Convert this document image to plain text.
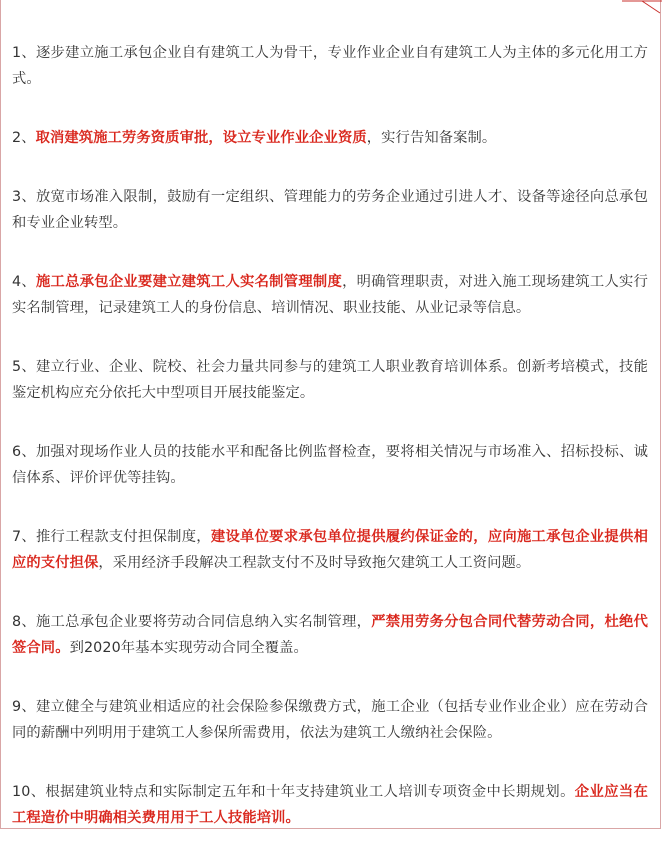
1、逐步建立施工承包企业自有建筑工人为骨干，专业作业企业自有建筑工人为主体的多元化用工方式。

2、取消建筑施工劳务资质审批，设立专业作业企业资质，实行告知备案制。

3、放宽市场准入限制，鼓励有一定组织、管理能力的劳务企业通过引进人才、设备等途径向总承包和专业企业转型。

4、施工总承包企业要建立建筑工人实名制管理制度，明确管理职责，对进入施工现场建筑工人实行实名制管理，记录建筑工人的身份信息、培训情况、职业技能、从业记录等信息。

5、建立行业、企业、院校、社会力量共同参与的建筑工人职业教育培训体系。创新考培模式，技能鉴定机构应充分依托大中型项目开展技能鉴定。

6、加强对现场作业人员的技能水平和配备比例监督检查，要将相关情况与市场准入、招标投标、诚信体系、评价评优等挂钩。

7、推行工程款支付担保制度，建设单位要求承包单位提供履约保证金的，应向施工承包企业提供相应的支付担保，采用经济手段解决工程款支付不及时导致拖欠建筑工人工资问题。

8、施工总承包企业要将劳动合同信息纳入实名制管理，严禁用劳务分包合同代替劳动合同，杜绝代签合同。到2020年基本实现劳动合同全覆盖。

9、建立健全与建筑业相适应的社会保险参保缴费方式，施工企业（包括专业作业企业）应在劳动合同的薪酬中列明用于建筑工人参保所需费用，依法为建筑工人缴纳社会保险。

10、根据建筑业特点和实际制定五年和十年支持建筑业工人培训专项资金中长期规划。企业应当在工程造价中明确相关费用用于工人技能培训。
